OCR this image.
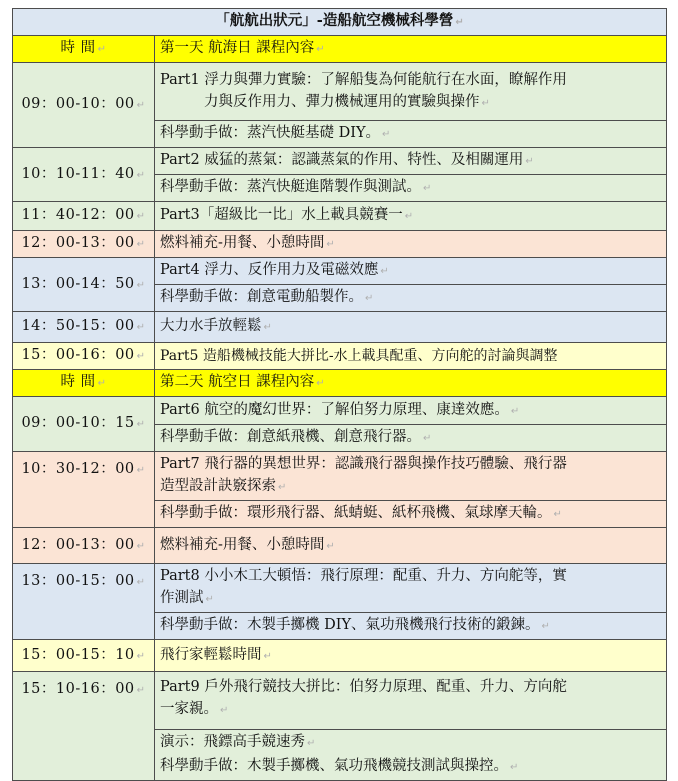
「航航出狀元」-造船航空機械科學營 ↵	
時 間 ↵	第一天 航海日 課程內容 ↵
09：00-10：00 ↵	Part1 浮力與彈力實驗：了解船隻為何能航行在水面，瞭解作用
力與反作用力、彈力機械運用的實驗與操作 ↵

	科學動手做：蒸汽快艇基礎 DIY。 ↵
10：10-11：40 ↵	Part2 威猛的蒸氣：認識蒸氣的作用、特性、及相關運用 ↵
	科學動手做：蒸汽快艇進階製作與測試。 ↵
11：40-12：00 ↵	Part3「超級比一比」水上載具競賽一 ↵
12：00-13：00 ↵	燃料補充-用餐、小憩時間 ↵
13：00-14：50 ↵	Part4 浮力、反作用力及電磁效應 ↵
	科學動手做：創意電動船製作。 ↵
14：50-15：00 ↵	大力水手放輕鬆 ↵
15：00-16：00 ↵	Part5 造船機械技能大拼比-水上載具配重、方向舵的討論與調整
時 間 ↵	第二天 航空日 課程內容 ↵
09：00-10：15 ↵	Part6 航空的魔幻世界：了解伯努力原理、康達效應。 ↵
	科學動手做：創意紙飛機、創意飛行器。 ↵
10：30-12：00 ↵	Part7 飛行器的異想世界：認識飛行器與操作技巧體驗、飛行器
造型設計訣竅探索 ↵
	科學動手做：環形飛行器、紙蜻蜓、紙杯飛機、氣球摩天輪。 ↵
12：00-13：00 ↵	燃料補充-用餐、小憩時間 ↵
13：00-15：00 ↵	Part8 小小木工大頓悟：飛行原理：配重、升力、方向舵等，實
作測試 ↵
	科學動手做：木製手擲機 DIY、氣功飛機飛行技術的鍛鍊。 ↵
15：00-15：10 ↵	飛行家輕鬆時間 ↵
15：10-16：00 ↵	Part9 戶外飛行競技大拼比：伯努力原理、配重、升力、方向舵
一家親。 ↵
	演示：飛鏢高手競速秀 ↵
科學動手做：木製手擲機、氣功飛機競技測試與操控。 ↵
